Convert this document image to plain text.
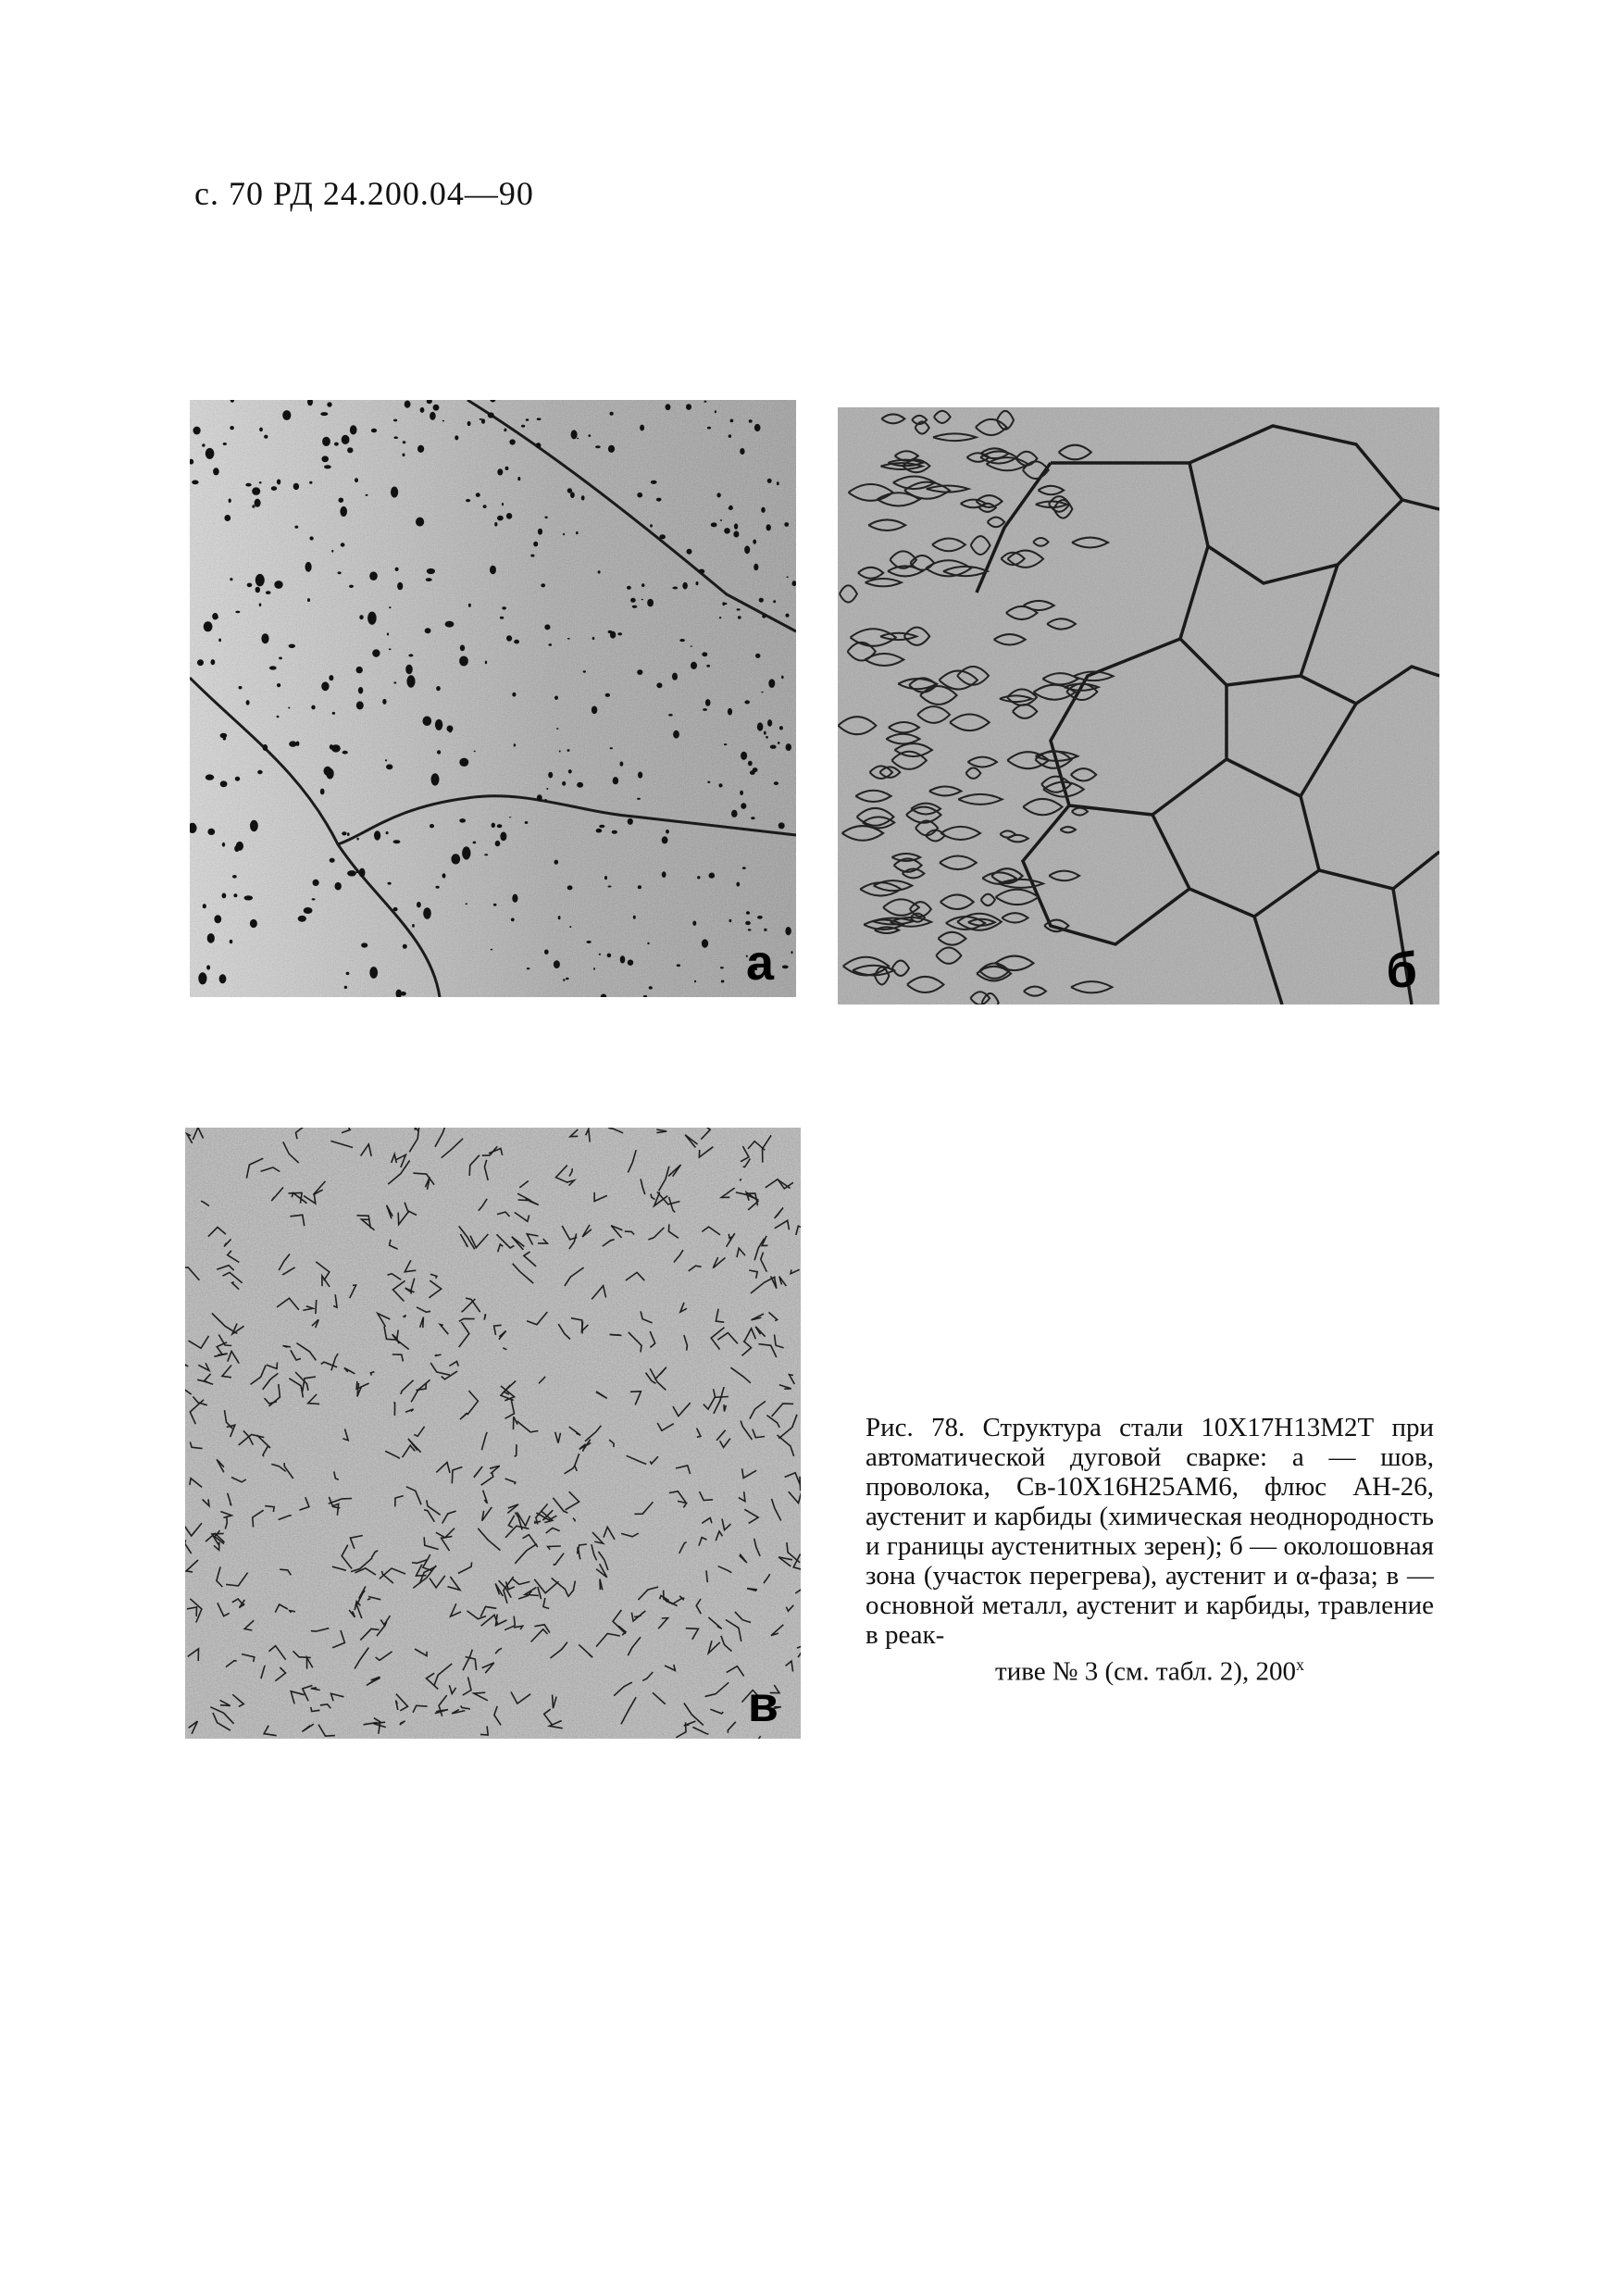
с. 70 РД 24.200.04—90
а	б
в
Рис. 78. Структура стали 10Х17Н13М2Т при автоматической дуговой сварке: а — шов, проволока, Св-10Х16Н25АМ6, флюс АН-26, аустенит и карбиды (химическая неоднородность и границы аустенитных зерен); б — околошовная зона (участок перегрева), аустенит и α-фаза; в — основной металл, аустенит и карбиды, травление в реак-
тиве № 3 (см. табл. 2), 200$^x$
